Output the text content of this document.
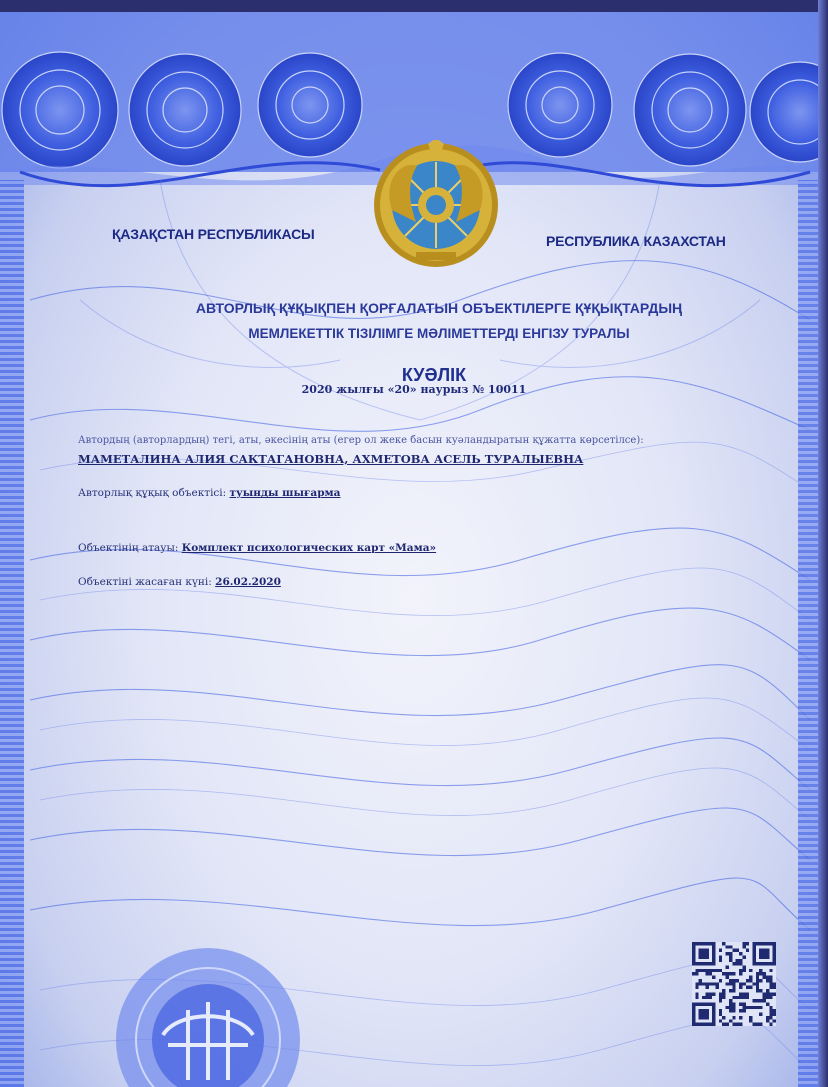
ҚАЗАҚСТАН РЕСПУБЛИКАСЫ	РЕСПУБЛИКА КАЗАХСТАН
АВТОРЛЫҚ ҚҰҚЫҚПЕН ҚОРҒАЛАТЫН ОБЪЕКТІЛЕРГЕ ҚҰҚЫҚТАРДЫҢ
МЕМЛЕКЕТТІК ТІЗІЛІМГЕ МӘЛІМЕТТЕРДІ ЕНГІЗУ ТУРАЛЫ
КУӘЛІК
2020 жылғы «20» наурыз № 10011
Автордың (авторлардың) тегі, аты, әкесінің аты (егер ол жеке басын куәландыратын құжатта көрсетілсе):
МАМЕТАЛИНА АЛИЯ САКТАГАНОВНА, АХМЕТОВА АСЕЛЬ ТУРАЛЫЕВНА
Авторлық құқық объектісі: туынды шығарма
Объектінің атауы: Комплект психологических карт «Мама»
Объектіні жасаған күні: 26.02.2020
